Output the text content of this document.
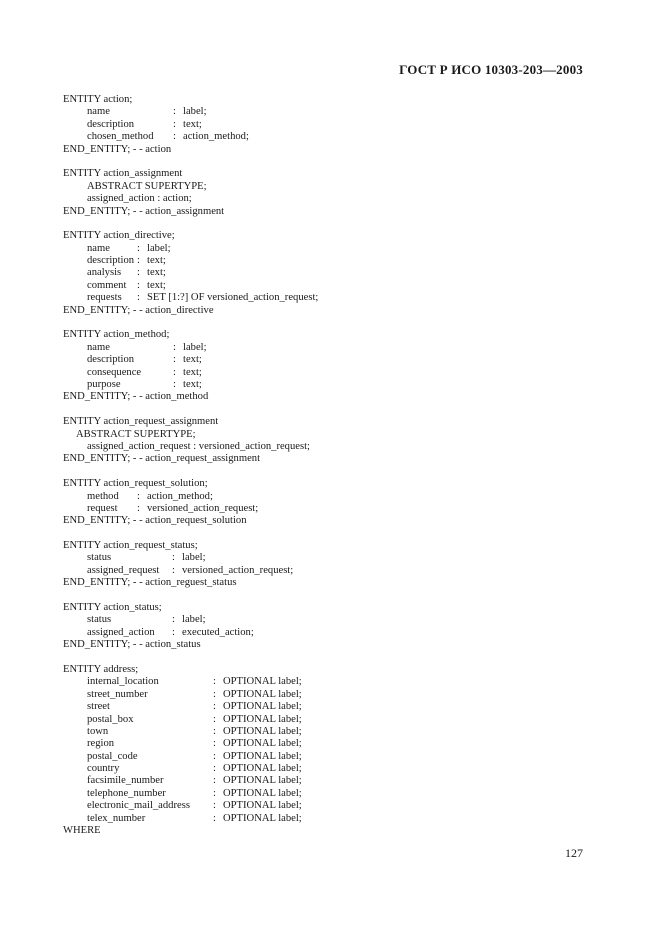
ГОСТ Р ИСО 10303-203—2003
ENTITY action;
name	: label;
description	: text;
chosen_method	: action_method;
END_ENTITY; - - action
ENTITY action_assignment
ABSTRACT SUPERTYPE;
assigned_action : action;
END_ENTITY; - - action_assignment
ENTITY action_directive;
name	: label;
description : text;
analysis	: text;
comment : text;
requests	: SET [1:?] OF versioned_action_request;
END_ENTITY; - - action_directive
ENTITY action_method;
name	: label;
description	: text;
consequence	: text;
purpose	: text;
END_ENTITY; - - action_method
ENTITY action_request_assignment
ABSTRACT SUPERTYPE;
assigned_action_request : versioned_action_request;
END_ENTITY; - - action_request_assignment
ENTITY action_request_solution;
method	: action_method;
request	: versioned_action_request;
END_ENTITY; - - action_request_solution
ENTITY action_request_status;
status	: label;
assigned_request	: versioned_action_request;
END_ENTITY; - - action_reguest_status
ENTITY action_status;
status	: label;
assigned_action	: executed_action;
END_ENTITY; - - action_status
ENTITY address;
internal_location	: OPTIONAL label;
street_number	: OPTIONAL label;
street	: OPTIONAL label;
postal_box	: OPTIONAL label;
town	: OPTIONAL label;
region	: OPTIONAL label;
postal_code	: OPTIONAL label;
country	: OPTIONAL label;
facsimile_number	: OPTIONAL label;
telephone_number	: OPTIONAL label;
electronic_mail_address	: OPTIONAL label;
telex_number	: OPTIONAL label;
WHERE
127
